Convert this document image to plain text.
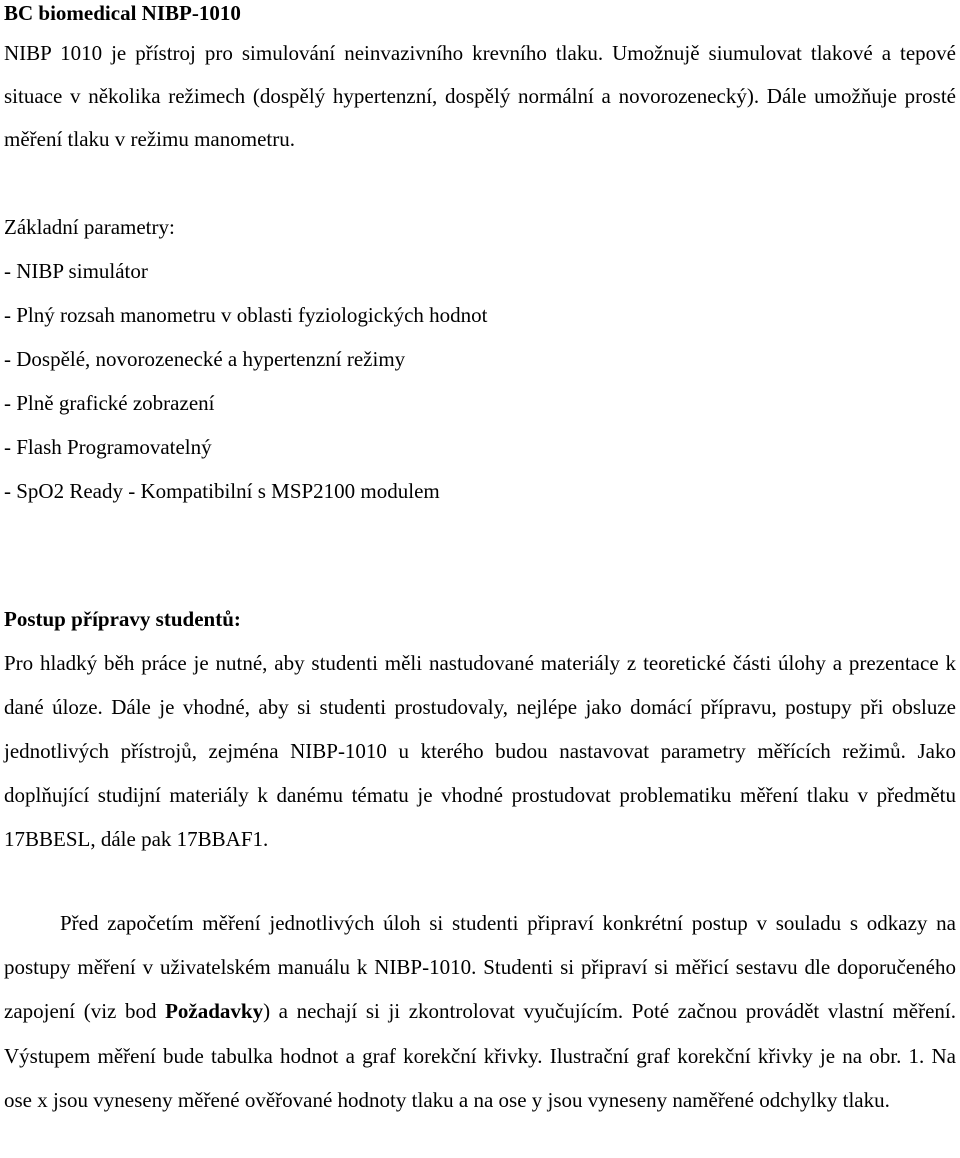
BC biomedical NIBP-1010

NIBP 1010 je přístroj pro simulování neinvazivního krevního tlaku. Umožnujě siumulovat tlakové a tepové situace v několika režimech (dospělý hypertenzní, dospělý normální a novorozenecký). Dále umožňuje prosté měření tlaku v režimu manometru.

Základní parametry:
- NIBP simulátor
- Plný rozsah manometru v oblasti fyziologických hodnot
- Dospělé, novorozenecké a hypertenzní režimy
- Plně grafické zobrazení
- Flash Programovatelný
- SpO2 Ready - Kompatibilní s MSP2100 modulem
Postup přípravy studentů:

Pro hladký běh práce je nutné, aby studenti měli nastudované materiály z teoretické části úlohy a prezentace k dané úloze. Dále je vhodné, aby si studenti prostudovaly, nejlépe jako domácí přípravu, postupy při obsluze jednotlivých přístrojů, zejména NIBP-1010 u kterého budou nastavovat parametry měřících režimů. Jako doplňující studijní materiály k danému tématu je vhodné prostudovat problematiku měření tlaku v předmětu 17BBESL, dále pak 17BBAF1.

Před započetím měření jednotlivých úloh si studenti připraví konkrétní postup v souladu s odkazy na postupy měření v uživatelském manuálu k NIBP-1010. Studenti si připraví si měřicí sestavu dle doporučeného zapojení (viz bod Požadavky) a nechají si ji zkontrolovat vyučujícím. Poté začnou provádět vlastní měření. Výstupem měření bude tabulka hodnot a graf korekční křivky. Ilustrační graf korekční křivky je na obr. 1. Na ose x jsou vyneseny měřené ověřované hodnoty tlaku a na ose y jsou vyneseny naměřené odchylky tlaku.
